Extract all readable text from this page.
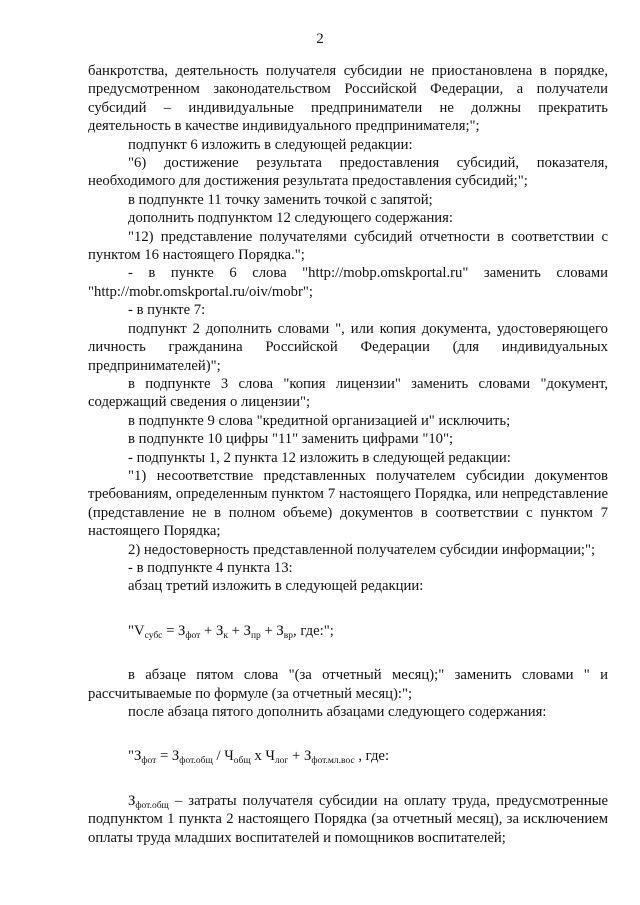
2

банкротства, деятельность получателя субсидии не приостановлена в порядке, предусмотренном законодательством Российской Федерации, а получатели субсидий – индивидуальные предприниматели не должны прекратить деятельность в качестве индивидуального предпринимателя;";

подпункт 6 изложить в следующей редакции:

"6) достижение результата предоставления субсидий, показателя, необходимого для достижения результата предоставления субсидий;";

в подпункте 11 точку заменить точкой с запятой;

дополнить подпунктом 12 следующего содержания:

"12) представление получателями субсидий отчетности в соответствии с пунктом 16 настоящего Порядка.";

- в пункте 6 слова "http://mobp.omskportal.ru" заменить словами "http://mobr.omskportal.ru/oiv/mobr";

- в пункте 7:

подпункт 2 дополнить словами ", или копия документа, удостоверяющего личность гражданина Российской Федерации (для индивидуальных предпринимателей)";

в подпункте 3 слова "копия лицензии" заменить словами "документ, содержащий сведения о лицензии";

в подпункте 9 слова "кредитной организацией и" исключить;

в подпункте 10 цифры "11" заменить цифрами "10";

- подпункты 1, 2 пункта 12 изложить в следующей редакции:

"1) несоответствие представленных получателем субсидии документов требованиям, определенным пунктом 7 настоящего Порядка, или непредставление (представление не в полном объеме) документов в соответствии с пунктом 7 настоящего Порядка;

2) недостоверность представленной получателем субсидии информации;";

- в подпункте 4 пункта 13:

абзац третий изложить в следующей редакции:

"$V_{субс} = З_{фот} + З_к + З_{пр} + З_{вр}$, где:";

в абзаце пятом слова "(за отчетный месяц);" заменить словами " и рассчитываемые по формуле (за отчетный месяц):";

после абзаца пятого дополнить абзацами следующего содержания:

"$З_{фот} = З_{фот.общ} / Ч_{общ}$ х $Ч_{лог} + З_{фот.мл.вос}$ , где:

$З_{фот.общ}$ – затраты получателя субсидии на оплату труда, предусмотренные подпунктом 1 пункта 2 настоящего Порядка (за отчетный месяц), за исключением оплаты труда младших воспитателей и помощников воспитателей;
